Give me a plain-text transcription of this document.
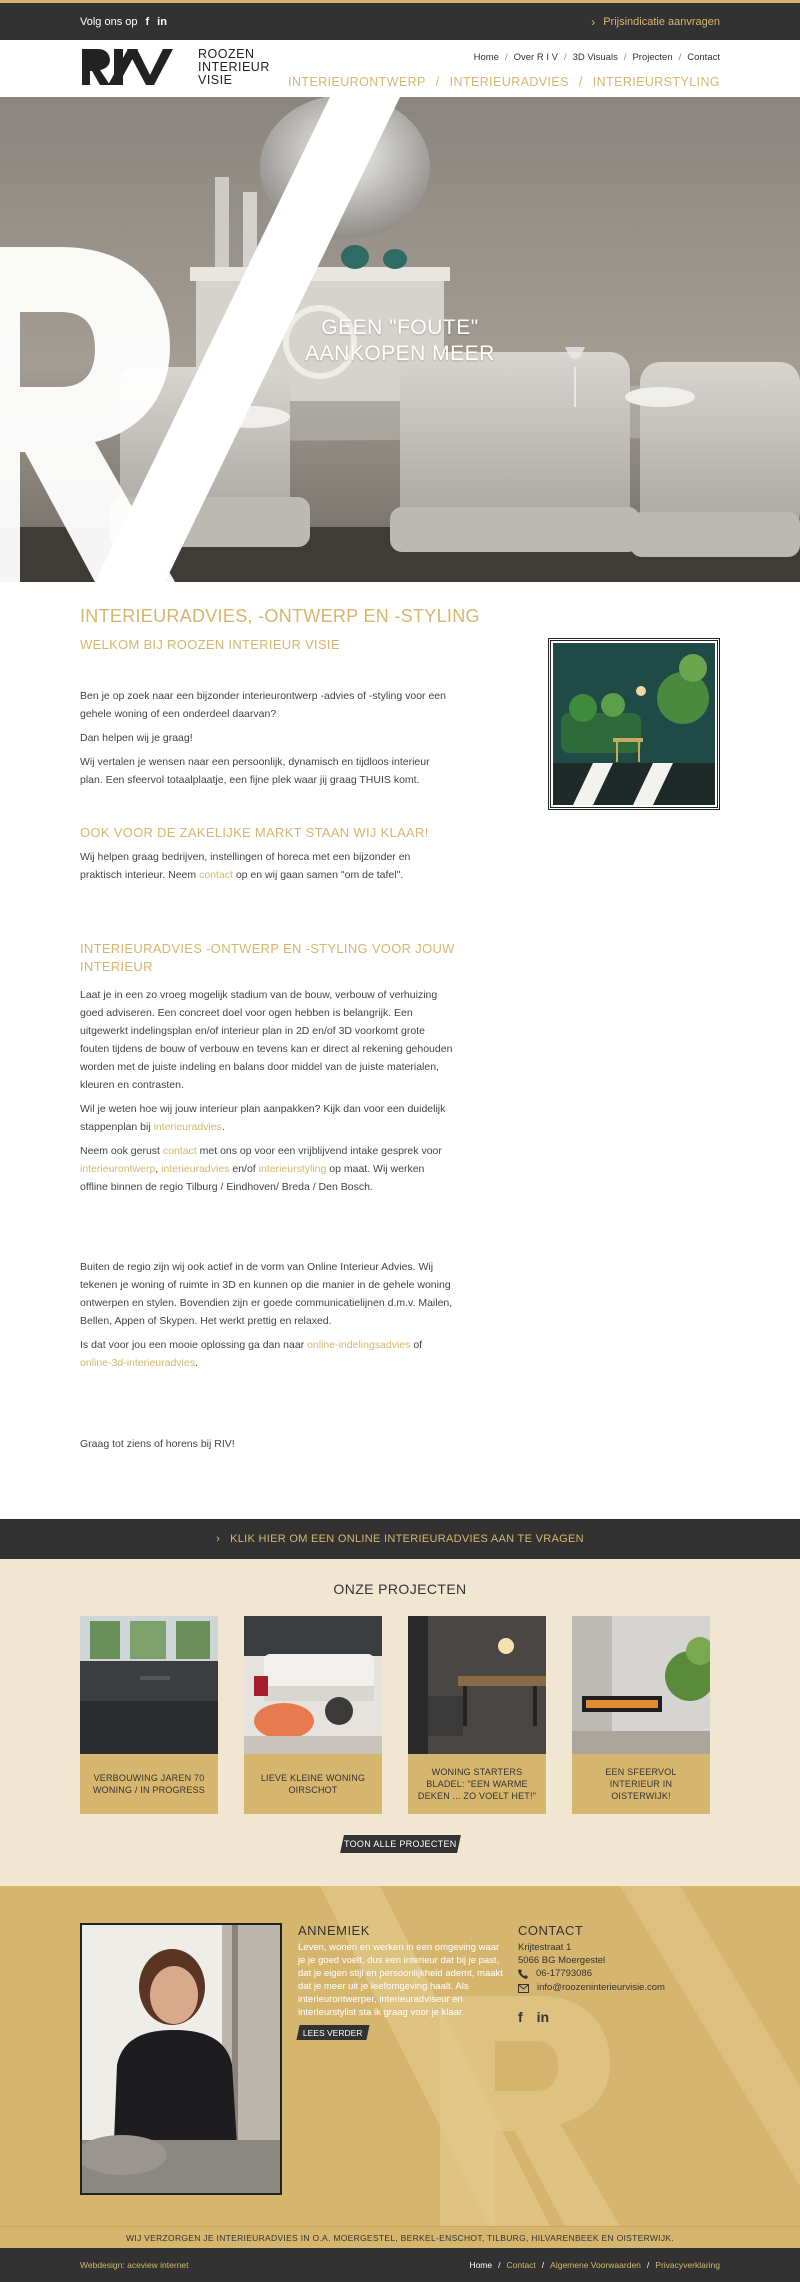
Volg ons op f in	› Prijsindicatie aanvragen
ROOZEN
INTERIEUR
VISIE
Home / Over R I V / 3D Visuals / Projecten / Contact
INTERIEURONTWERP / INTERIEURADVIES / INTERIEURSTYLING
GEEN "FOUTE"
AANKOPEN MEER
INTERIEURADVIES, -ONTWERP EN -STYLING
WELKOM BIJ ROOZEN INTERIEUR VISIE

Ben je op zoek naar een bijzonder interieurontwerp -advies of -styling voor een gehele woning of een onderdeel daarvan?

Dan helpen wij je graag!

Wij vertalen je wensen naar een persoonlijk, dynamisch en tijdloos interieur plan. Een sfeervol totaalplaatje, een fijne plek waar jij graag THUIS komt.

OOK VOOR DE ZAKELIJKE MARKT STAAN WIJ KLAAR!

Wij helpen graag bedrijven, instellingen of horeca met een bijzonder en praktisch interieur. Neem contact op en wij gaan samen "om de tafel".

INTERIEURADVIES -ONTWERP EN -STYLING VOOR JOUW INTERIEUR

Laat je in een zo vroeg mogelijk stadium van de bouw, verbouw of verhuizing goed adviseren. Een concreet doel voor ogen hebben is belangrijk. Een uitgewerkt indelingsplan en/of interieur plan in 2D en/of 3D voorkomt grote fouten tijdens de bouw of verbouw en tevens kan er direct al rekening gehouden worden met de juiste indeling en balans door middel van de juiste materialen, kleuren en contrasten.

Wil je weten hoe wij jouw interieur plan aanpakken? Kijk dan voor een duidelijk stappenplan bij interieuradvies.

Neem ook gerust contact met ons op voor een vrijblijvend intake gesprek voor interieurontwerp, interieuradvies en/of interieurstyling op maat. Wij werken offline binnen de regio Tilburg / Eindhoven/ Breda / Den Bosch.

Buiten de regio zijn wij ook actief in de vorm van Online Interieur Advies. Wij tekenen je woning of ruimte in 3D en kunnen op die manier in de gehele woning ontwerpen en stylen. Bovendien zijn er goede communicatielijnen d.m.v. Mailen, Bellen, Appen of Skypen. Het werkt prettig en relaxed.

Is dat voor jou een mooie oplossing ga dan naar online-indelingsadvies of online-3d-interieuradvies.

Graag tot ziens of horens bij RIV!

› KLIK HIER OM EEN ONLINE INTERIEURADVIES AAN TE VRAGEN
ONZE PROJECTEN
VERBOUWING JAREN 70 WONING / IN PROGRESS
LIEVE KLEINE WONING OIRSCHOT
WONING STARTERS BLADEL: "EEN WARME DEKEN ... ZO VOELT HET!"
EEN SFEERVOL INTERIEUR IN OISTERWIJK!
TOON ALLE PROJECTEN
ANNEMIEK

Leven, wonen en werken in een omgeving waar je je goed voelt, dus een interieur dat bij je past, dat je eigen stijl en persoonlijkheid ademt, maakt dat je meer uit je leefomgeving haalt. Als interieurontwerper, interieuradviseur en interieurstylist sta ik graag voor je klaar.

LEES VERDER
CONTACT
Krijtestraat 1
5066 BG Moergestel
06-17793086
info@roozeninterieurvisie.com
f in
WIJ VERZORGEN JE INTERIEURADVIES IN O.A. MOERGESTEL, BERKEL-ENSCHOT, TILBURG, HILVARENBEEK EN OISTERWIJK.
Webdesign: aceview internet	Home / Contact / Algemene Voorwaarden / Privacyverklaring
